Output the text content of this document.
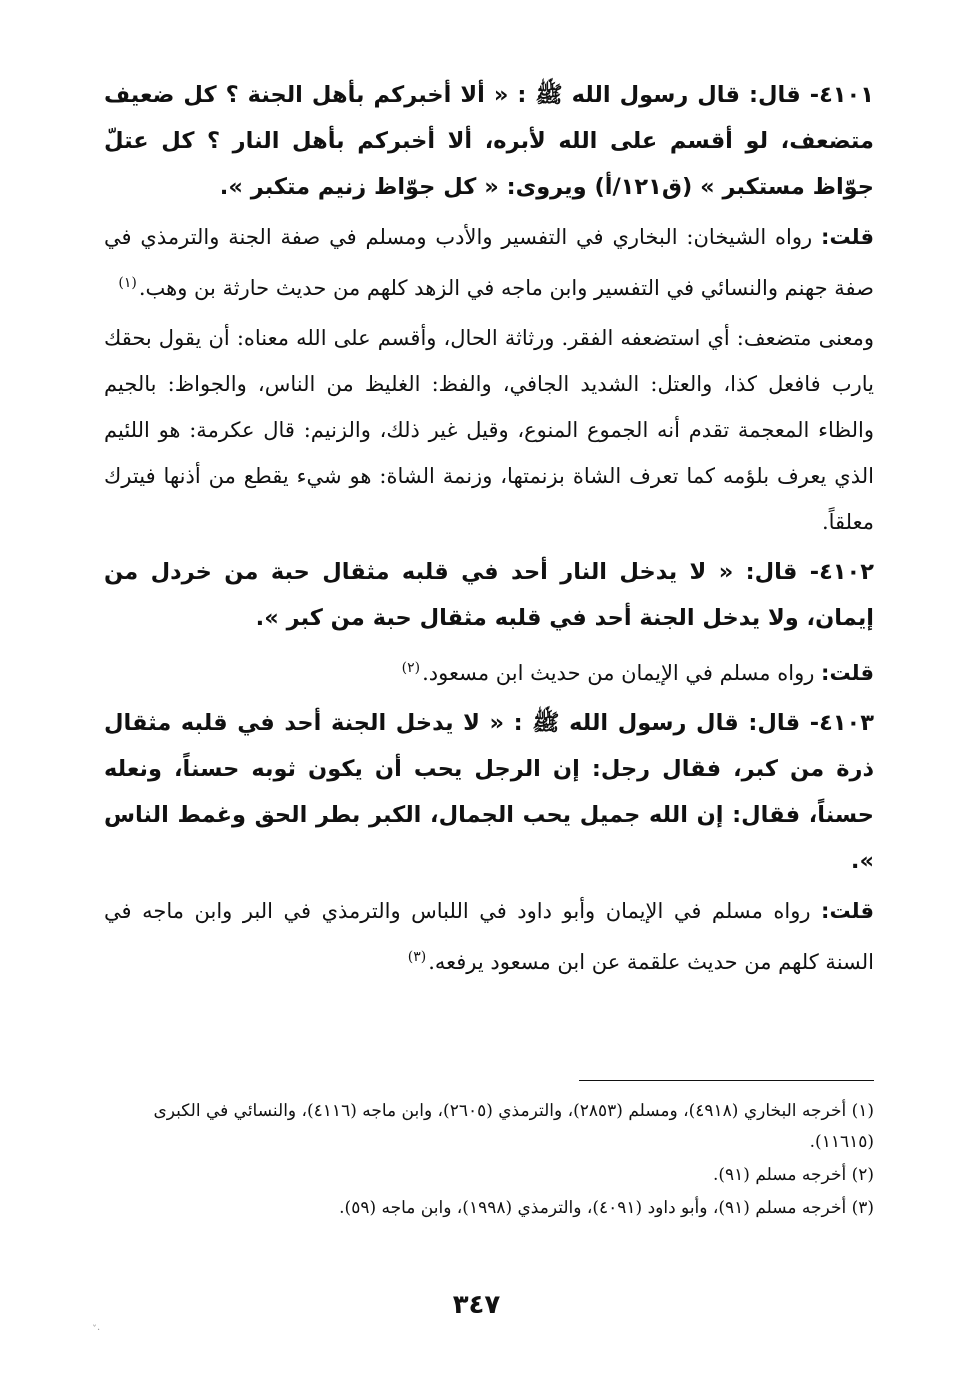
٤١٠١- قال: قال رسول الله ﷺ : « ألا أخبركم بأهل الجنة ؟ كل ضعيف متضعف، لو أقسم على الله لأبره، ألا أخبركم بأهل النار ؟ كل عتلّ جوّاظ مستكبر » (ق١٢١/أ) ويروى: « كل جوّاظ زنيم متكبر ».

قلت: رواه الشيخان: البخاري في التفسير والأدب ومسلم في صفة الجنة والترمذي في صفة جهنم والنسائي في التفسير وابن ماجه في الزهد كلهم من حديث حارثة بن وهب.$^{(١)}$

ومعنى متضعف: أي استضعفه الفقر. ورثاثة الحال، وأقسم على الله معناه: أن يقول بحقك يارب فافعل كذا، والعتل: الشديد الجافي، والفظ: الغليظ من الناس، والجواظ: بالجيم والظاء المعجمة تقدم أنه الجموع المنوع، وقيل غير ذلك، والزنيم: قال عكرمة: هو اللئيم الذي يعرف بلؤمه كما تعرف الشاة بزنمتها، وزنمة الشاة: هو شيء يقطع من أذنها فيترك معلقاً.

٤١٠٢- قال: « لا يدخل النار أحد في قلبه مثقال حبة من خردل من إيمان، ولا يدخل الجنة أحد في قلبه مثقال حبة من كبر ».

قلت: رواه مسلم في الإيمان من حديث ابن مسعود.$^{(٢)}$

٤١٠٣- قال: قال رسول الله ﷺ : « لا يدخل الجنة أحد في قلبه مثقال ذرة من كبر، فقال رجل: إن الرجل يحب أن يكون ثوبه حسناً، ونعله حسناً، فقال: إن الله جميل يحب الجمال، الكبر بطر الحق وغمط الناس ».

قلت: رواه مسلم في الإيمان وأبو داود في اللباس والترمذي في البر وابن ماجه في السنة كلهم من حديث علقمة عن ابن مسعود يرفعه.$^{(٣)}$

(١) أخرجه البخاري (٤٩١٨)، ومسلم (٢٨٥٣)، والترمذي (٢٦٠٥)، وابن ماجه (٤١١٦)، والنسائي في الكبرى (١١٦١٥).

(٢) أخرجه مسلم (٩١).

(٣) أخرجه مسلم (٩١)، وأبو داود (٤٠٩١)، والترمذي (١٩٩٨)، وابن ماجه (٥٩).

٣٤٧
·ˇ
